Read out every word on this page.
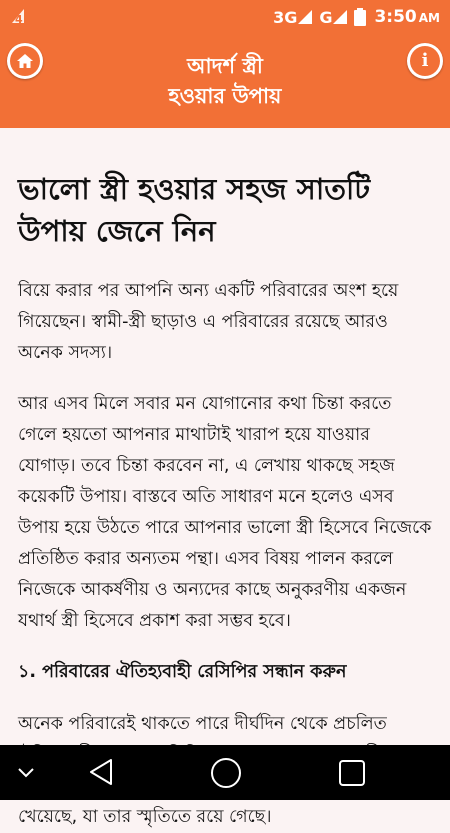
4	3G G 3:50 AM
আদর্শ স্ত্রী
হওয়ার উপায়
i
ভালো স্ত্রী হওয়ার সহজ সাতটি উপায় জেনে নিন

বিয়ে করার পর আপনি অন্য একটি পরিবারের অংশ হয়ে গিয়েছেন। স্বামী-স্ত্রী ছাড়াও এ পরিবারের রয়েছে আরও অনেক সদস্য।

আর এসব মিলে সবার মন যোগানোর কথা চিন্তা করতে গেলে হয়তো আপনার মাথাটাই খারাপ হয়ে যাওয়ার যোগাড়। তবে চিন্তা করবেন না, এ লেখায় থাকছে সহজ কয়েকটি উপায়। বাস্তবে অতি সাধারণ মনে হলেও এসব উপায় হয়ে উঠতে পারে আপনার ভালো স্ত্রী হিসেবে নিজেকে প্রতিষ্ঠিত করার অন্যতম পন্থা। এসব বিষয় পালন করলে নিজেকে আকর্ষণীয় ও অন্যদের কাছে অনুকরণীয় একজন যথার্থ স্ত্রী হিসেবে প্রকাশ করা সম্ভব হবে।

১. পরিবারের ঐতিহ্যবাহী রেসিপির সন্ধান করুন

অনেক পরিবারেই থাকতে পারে দীর্ঘদিন থেকে প্রচলিত খেয়েছে, যা তার স্মৃতিতে রয়ে গেছে।
